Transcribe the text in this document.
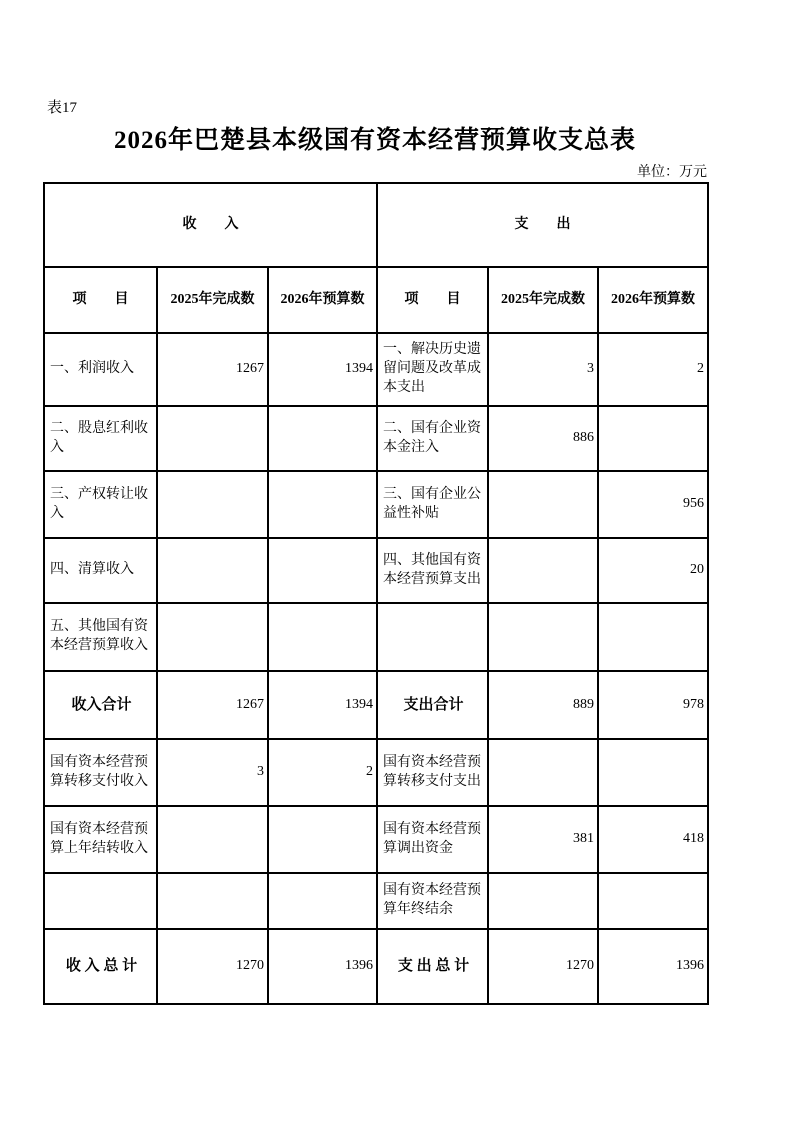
表17
2026年巴楚县本级国有资本经营预算收支总表
单位：万元
收　　入			支　　出		
项　　目	2025年完成数	2026年预算数	项　　目	2025年完成数	2026年预算数
一、利润收入	1267	1394	一、解决历史遗留问题及改革成本支出	3	2
二、股息红利收入			二、国有企业资本金注入	886	
三、产权转让收入			三、国有企业公益性补贴		956
四、清算收入			四、其他国有资本经营预算支出		20
五、其他国有资本经营预算收入					
收入合计	1267	1394	支出合计	889	978
国有资本经营预算转移支付收入	3	2	国有资本经营预算转移支付支出		
国有资本经营预算上年结转收入			国有资本经营预算调出资金	381	418
			国有资本经营预算年终结余		
收 入 总 计	1270	1396	支 出 总 计	1270	1396
